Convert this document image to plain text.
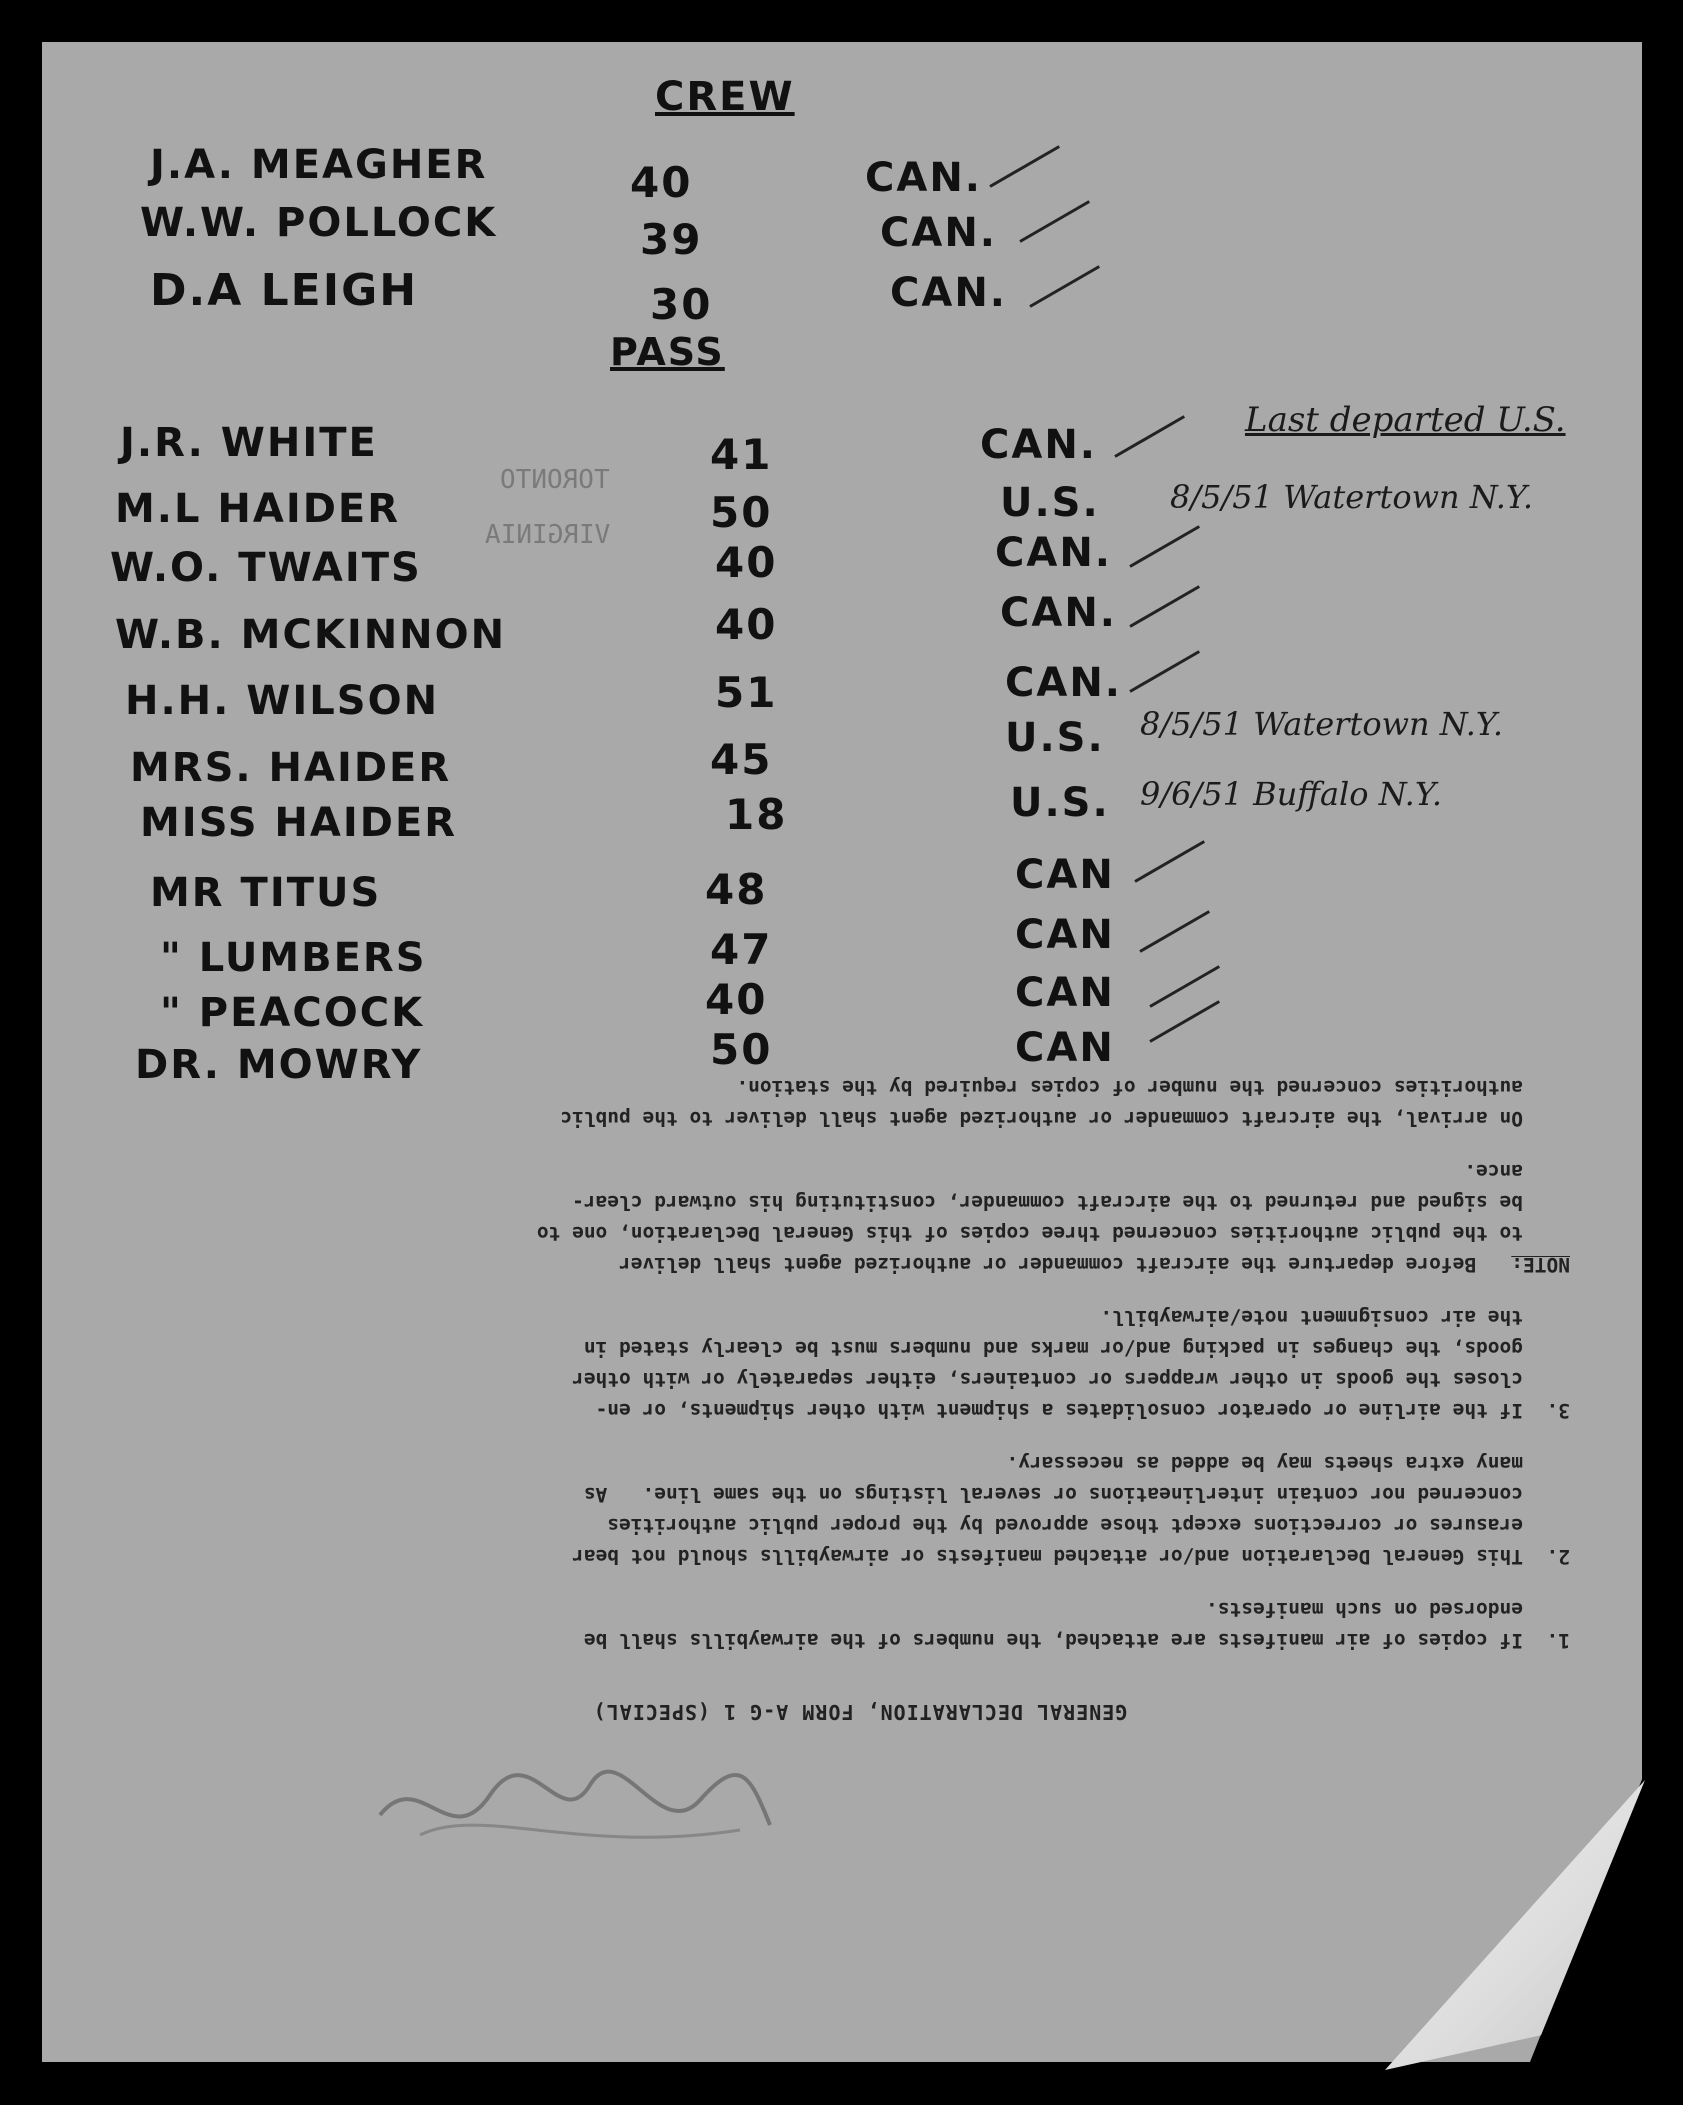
CREW
PASS
TORONTO
VIRGINIA
J.A. MEAGHER	40	CAN.
W.W. POLLOCK	39	CAN.
D.A LEIGH	30	CAN.
Last departed U.S.
J.R. WHITE	41	CAN.
M.L HAIDER	50	U.S. 8/5/51 Watertown N.Y.
W.O. TWAITS	40	CAN.
W.B. MCKINNON	40	CAN.
H.H. WILSON	51	CAN.
MRS. HAIDER	45	U.S. 8/5/51 Watertown N.Y.
MISS HAIDER	18	U.S. 9/6/51 Buffalo N.Y.
MR TITUS	48	CAN
" LUMBERS	47	CAN
" PEACOCK	40	CAN
DR. MOWRY	50	CAN

GENERAL DECLARATION, FORM A-G 1 (SPECIAL)

1.  If copies of air manifests are attached, the numbers of the airwaybills shall be
endorsed on such manifests.

2.  This General Declaration and/or attached manifests or airwaybills should not bear
erasures or corrections except those approved by the proper public authorities
concerned nor contain interlineations or several listings on the same line.   As
many extra sheets may be added as necessary.

3.  If the airline or operator consolidates a shipment with other shipments, or en-
closes the goods in other wrappers or containers, either separately or with other
goods, the changes in packing and/or marks and numbers must be clearly stated in
the air consignment note/airwaybill.

NOTE:   Before departure the aircraft commander or authorized agent shall deliver
to the public authorities concerned three copies of this General Declaration, one to
be signed and returned to the aircraft commander, constituting his outward clear-
ance.

On arrival, the aircraft commander or authorized agent shall deliver to the public
authorities concerned the number of copies required by the station.
